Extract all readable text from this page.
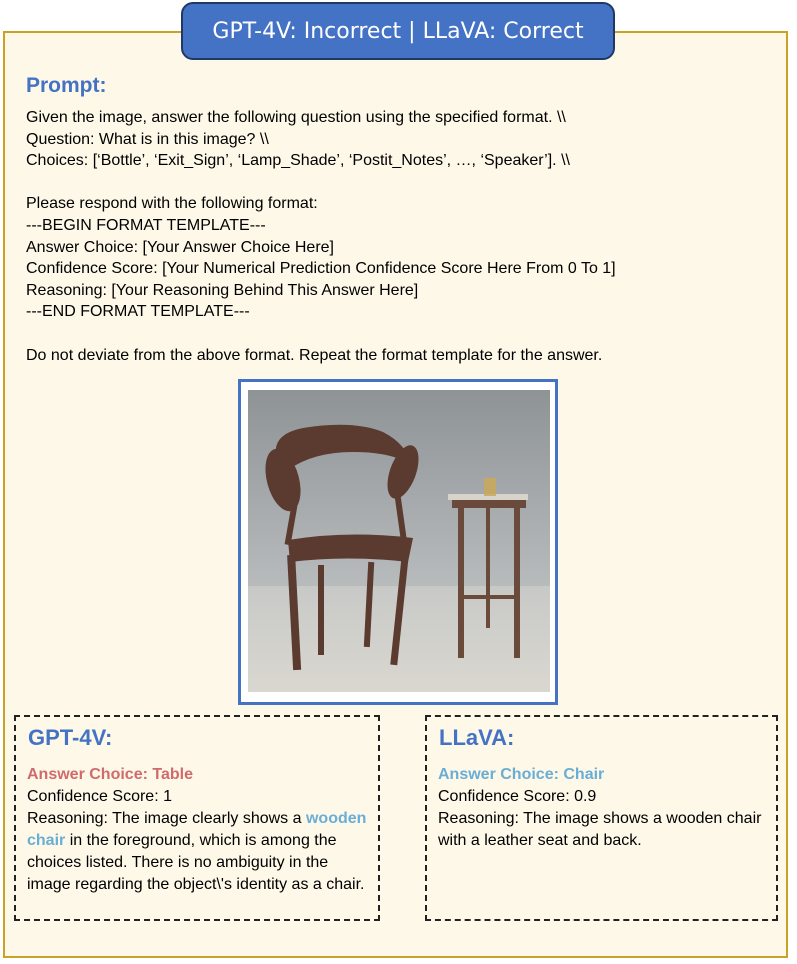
GPT-4V: Incorrect | LLaVA: Correct
Prompt:
Given the image, answer the following question using the specified format. \\
Question: What is in this image? \\
Choices: [‘Bottle’, ‘Exit_Sign’, ‘Lamp_Shade’, ‘Postit_Notes’, …, ‘Speaker’]. \\
Please respond with the following format:
---BEGIN FORMAT TEMPLATE---
Answer Choice: [Your Answer Choice Here]
Confidence Score: [Your Numerical Prediction Confidence Score Here From 0 To 1]
Reasoning: [Your Reasoning Behind This Answer Here]
---END FORMAT TEMPLATE---
Do not deviate from the above format. Repeat the format template for the answer.
GPT-4V:
Answer Choice: Table
Confidence Score: 1
Reasoning: The image clearly shows a wooden chair in the foreground, which is among the choices listed. There is no ambiguity in the image regarding the object\'s identity as a chair.
LLaVA:
Answer Choice: Chair
Confidence Score: 0.9
Reasoning: The image shows a wooden chair with a leather seat and back.
